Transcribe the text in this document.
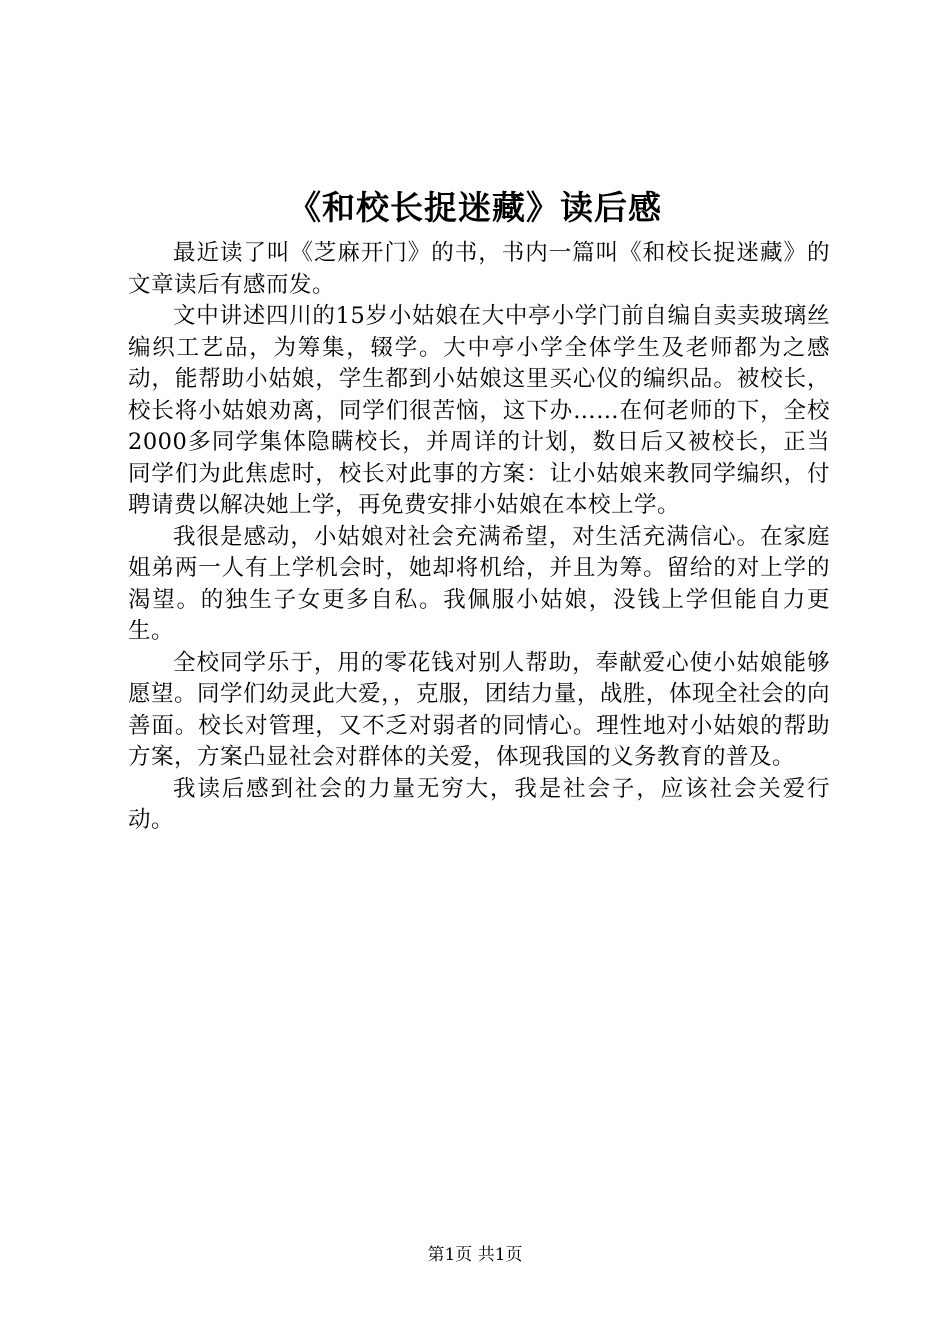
《和校长捉迷藏》读后感

最近读了叫《芝麻开门》的书，书内一篇叫《和校长捉迷藏》的文章读后有感而发。

文中讲述四川的15岁小姑娘在大中亭小学门前自编自卖卖玻璃丝编织工艺品，为筹集，辍学。大中亭小学全体学生及老师都为之感动，能帮助小姑娘，学生都到小姑娘这里买心仪的编织品。被校长，校长将小姑娘劝离，同学们很苦恼，这下办……在何老师的下，全校2000多同学集体隐瞒校长，并周详的计划，数日后又被校长，正当同学们为此焦虑时，校长对此事的方案：让小姑娘来教同学编织，付聘请费以解决她上学，再免费安排小姑娘在本校上学。

我很是感动，小姑娘对社会充满希望，对生活充满信心。在家庭姐弟两一人有上学机会时，她却将机给，并且为筹。留给的对上学的渴望。的独生子女更多自私。我佩服小姑娘，没钱上学但能自力更生。

全校同学乐于，用的零花钱对别人帮助，奉献爱心使小姑娘能够愿望。同学们幼灵此大爱，，克服，团结力量，战胜，体现全社会的向善面。校长对管理，又不乏对弱者的同情心。理性地对小姑娘的帮助方案，方案凸显社会对群体的关爱，体现我国的义务教育的普及。

我读后感到社会的力量无穷大，我是社会子，应该社会关爱行动。

第1页 共1页
